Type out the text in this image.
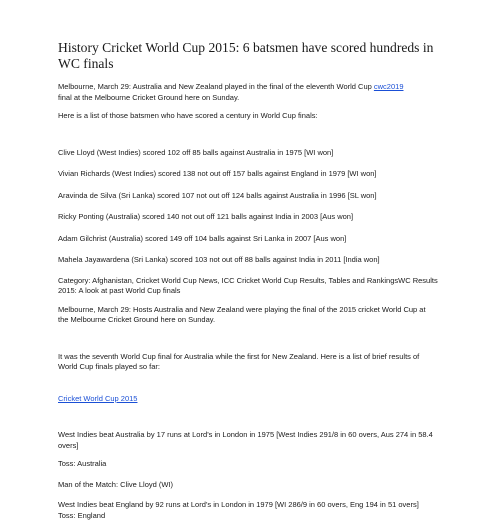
History Cricket World Cup 2015: 6 batsmen have scored hundreds in WC finals

Melbourne, March 29: Australia and New Zealand played in the final of the eleventh World Cup cwc2019
final at the Melbourne Cricket Ground here on Sunday.

Here is a list of those batsmen who have scored a century in World Cup finals:

Clive Lloyd (West Indies) scored 102 off 85 balls against Australia in 1975 [WI won]

Vivian Richards (West Indies) scored 138 not out off 157 balls against England in 1979 [WI won]

Aravinda de Silva (Sri Lanka) scored 107 not out off 124 balls against Australia in 1996 [SL won]

Ricky Ponting (Australia) scored 140 not out off 121 balls against India in 2003 [Aus won]

Adam Gilchrist (Australia) scored 149 off 104 balls against Sri Lanka in 2007 [Aus won]

Mahela Jayawardena (Sri Lanka) scored 103 not out off 88 balls against India in 2011 [India won]

Category: Afghanistan, Cricket World Cup News, ICC Cricket World Cup Results, Tables and RankingsWC Results 2015: A look at past World Cup finals

Melbourne, March 29: Hosts Australia and New Zealand were playing the final of the 2015 cricket World Cup at the Melbourne Cricket Ground here on Sunday.

It was the seventh World Cup final for Australia while the first for New Zealand. Here is a list of brief results of World Cup finals played so far:

Cricket World Cup 2015

West Indies beat Australia by 17 runs at Lord’s in London in 1975 [West Indies 291/8 in 60 overs, Aus 274 in 58.4 overs]

Toss: Australia

Man of the Match: Clive Lloyd (WI)

West Indies beat England by 92 runs at Lord’s in London in 1979 [WI 286/9 in 60 overs, Eng 194 in 51 overs] Toss: England
